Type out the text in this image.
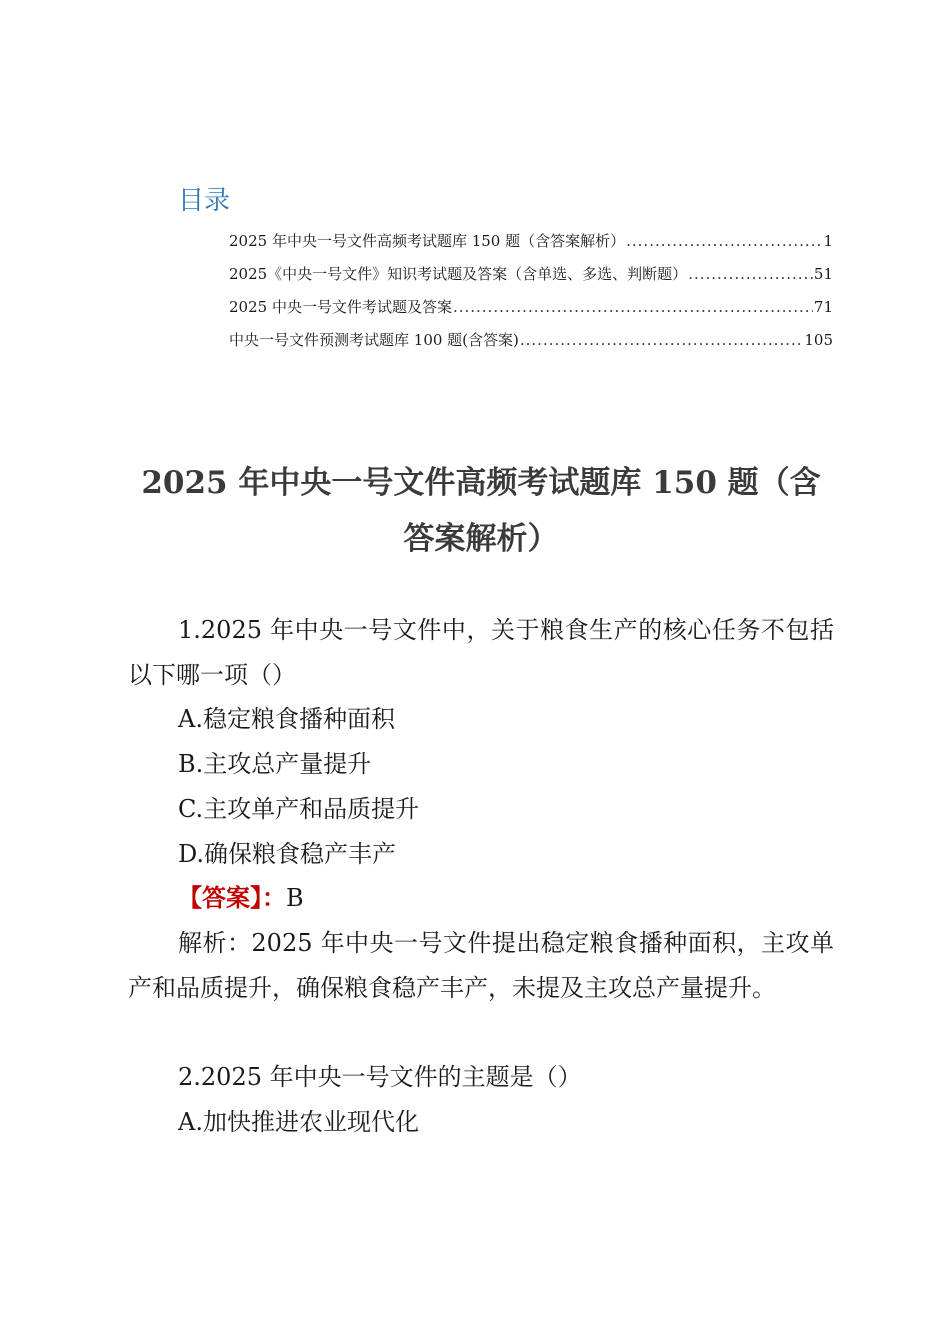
目录
2025 年中央一号文件高频考试题库 150 题（含答案解析） .....	1
2025《中央一号文件》知识考试题及答案（含单选、多选、判断题） .....	51
2025 中央一号文件考试题及答案 .....	71
中央一号文件预测考试题库 100 题(含答案) .....	105
2025 年中央一号文件高频考试题库 150 题（含答案解析）

1.2025 年中央一号文件中，关于粮食生产的核心任务不包括以下哪一项（）

A.稳定粮食播种面积

B.主攻总产量提升

C.主攻单产和品质提升

D.确保粮食稳产丰产

【答案】：B

解析：2025 年中央一号文件提出稳定粮食播种面积，主攻单产和品质提升，确保粮食稳产丰产，未提及主攻总产量提升。

2.2025 年中央一号文件的主题是（）

A.加快推进农业现代化
